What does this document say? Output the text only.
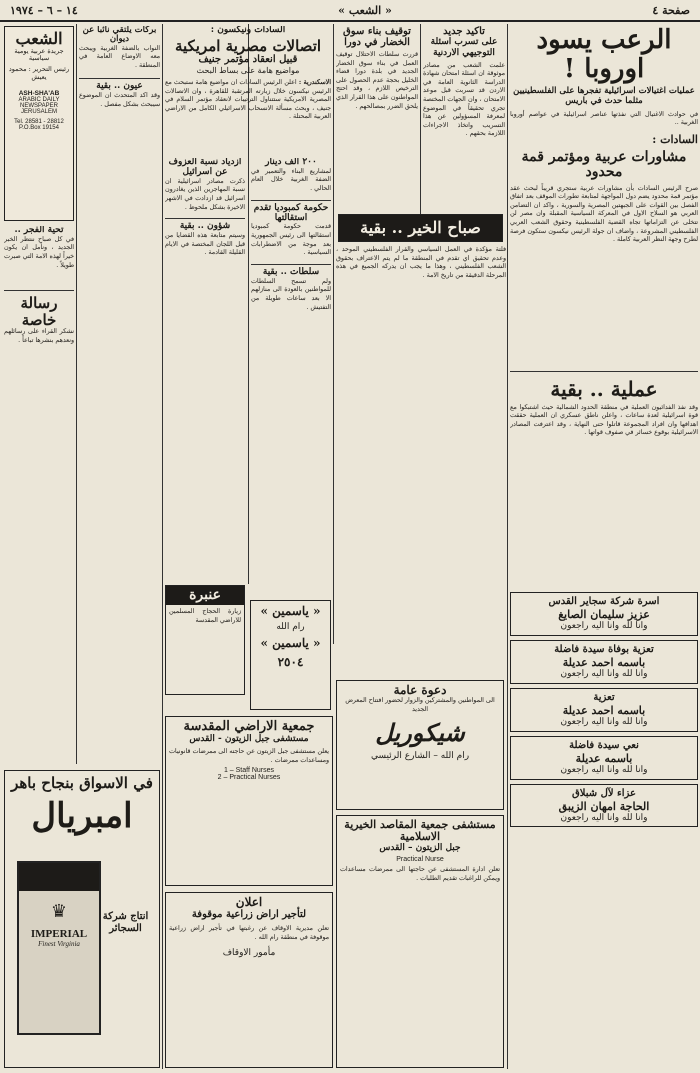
صفحة ٤
« الشعب »
١٤ – ٦ – ١٩٧٤
الرعب يسود اوروبا !
عمليات اغتيالات اسرائيلية تفجرها على الفلسطينيين مثلما حدث في باريس
في حوادث الاغتيال التي نفذتها عناصر اسرائيلية في عواصم أوروبا الغربية ..
السادات :
مشاورات عربية ومؤتمر قمة محدود
صرح الرئيس السادات بأن مشاورات عربية ستجري قريباً لبحث عقد مؤتمر قمة محدود يضم دول المواجهة لمتابعة تطورات الموقف بعد اتفاق الفصل بين القوات على الجبهتين المصرية والسورية ، واكد ان التضامن العربي هو السلاح الاول في المعركة السياسية المقبلة وان مصر لن تتخلى عن التزاماتها تجاه القضية الفلسطينية وحقوق الشعب العربي الفلسطيني المشروعة ، واضاف ان جولة الرئيس نيكسون ستكون فرصة لطرح وجهة النظر العربية كاملة .
عملية .. بقية
وقد نفذ الفدائيون العملية في منطقة الحدود الشمالية حيث اشتبكوا مع قوة اسرائيلية لعدة ساعات ، واعلن ناطق عسكري ان العملية حققت اهدافها وان افراد المجموعة قاتلوا حتى النهاية ، وقد اعترفت المصادر الاسرائيلية بوقوع خسائر في صفوف قواتها .
تأكيد جديد
على تسرب اسئلة التوجيهي الاردنية
علمت الشعب من مصادر موثوقة ان اسئلة امتحان شهادة الدراسة الثانوية العامة في الاردن قد تسربت قبل موعد الامتحان ، وان الجهات المختصة تجري تحقيقاً في الموضوع لمعرفة المسؤولين عن هذا التسريب واتخاذ الاجراءات اللازمة بحقهم .
توقيف بناء سوق الخضار في دورا
قررت سلطات الاحتلال توقيف العمل في بناء سوق الخضار الجديد في بلدة دورا قضاء الخليل بحجة عدم الحصول على الترخيص اللازم ، وقد احتج المواطنون على هذا القرار الذي يلحق الضرر بمصالحهم .
صباح الخير .. بقية
فلتة مؤكدة في العمل السياسي والقرار الفلسطيني الموحد ، وعدم تحقيق اي تقدم في المنطقة ما لم يتم الاعتراف بحقوق الشعب الفلسطيني ، وهذا ما يجب ان يدركه الجميع في هذه المرحلة الدقيقة من تاريخ الامة .
السادات ونيكسون :
اتصالات مصرية امريكية
قبيل انعقاد مؤتمر جنيف
مواضيع هامة على بساط البحث
الاسكندرية : اعلن الرئيس السادات ان مواضيع هامة ستبحث مع الرئيس نيكسون خلال زيارته المرتقبة للقاهرة ، وان الاتصالات المصرية الامريكية ستتناول الترتيبات لانعقاد مؤتمر السلام في جنيف ، وبحث مسألة الانسحاب الاسرائيلي الكامل من الاراضي العربية المحتلة .
٢٠٠ الف دينار
لمشاريع البناء والتعمير في الضفة الغربية خلال العام الحالي .
حكومة كمبوديا تقدم استقالتها
قدمت حكومة كمبوديا استقالتها الى رئيس الجمهورية بعد موجة من الاضطرابات السياسية .
سلطات .. بقية
ولم تسمح السلطات للمواطنين بالعودة الى منازلهم الا بعد ساعات طويلة من التفتيش .
ازدياد نسبة العزوف عن اسرائيل
ذكرت مصادر اسرائيلية ان نسبة المهاجرين الذين يغادرون اسرائيل قد ازدادت في الاشهر الاخيرة بشكل ملحوظ .
شؤون .. بقية
وسيتم متابعة هذه القضايا من قبل اللجان المختصة في الايام القليلة القادمة .
الشعب
جريدة عربية يومية سياسية
رئيس التحرير : محمود يعيش
ASH-SHA'AB
ARABIC DAILY NEWSPAPER
JERUSALEM
Tel. 28581 - 28812
P.O.Box 19154
بركات يلتقي نائباً عن ديوان
النواب بالضفة الغربية ويبحث معه الاوضاع العامة في المنطقة .
عيون .. بقية
وقد اكد المتحدث ان الموضوع سيبحث بشكل مفصل .
تحية الفجر ..
في كل صباح ننتظر الخبر الجديد ، ونأمل ان يكون خيراً لهذه الامة التي صبرت طويلاً .
رسالة خاصة
نشكر القراء على رسائلهم ونعدهم بنشرها تباعاً .
عنبرة
زيارة الحجاج المسلمين للاراضي المقدسة
« ياسمين »
رام الله
« ياسمين »
٢٥٠٤
جمعية الاراضي المقدسة
مستشفى جبل الزيتون - القدس
يعلن مستشفى جبل الزيتون عن حاجته الى ممرضات قانونيات ومساعدات ممرضات .
1 – Staff Nurses
2 – Practical Nurses
اعلان
لتأجير اراض زراعية موقوفة
تعلن مديرية الاوقاف عن رغبتها في تأجير اراض زراعية موقوفة في منطقة رام الله .
مأمور الاوقاف
دعوة عامة
الى المواطنين والمشتركين والزوار لحضور افتتاح المعرض الجديد
شيكوريل
رام الله – الشارع الرئيسي
مستشفى جمعية المقاصد الخيرية الاسلامية
جبل الزيتون – القدس
Practical Nurse
تعلن ادارة المستشفى عن حاجتها الى ممرضات مساعدات ويمكن للراغبات تقديم الطلبات .
في الاسواق بنجاح باهر
امبريال
♛
IMPERIAL
Finest Virginia
انتاج شركة السجائر
اسرة شركة سجاير القدس
عزيز سليمان الصايغ
وانا لله وانا اليه راجعون
تعزية بوفاة سيدة فاضلة
باسمه احمد عديلة
وانا لله وانا اليه راجعون
تعزية
باسمه احمد عديلة
وانا لله وانا اليه راجعون
نعي سيدة فاضلة
باسمه عديلة
وانا لله وانا اليه راجعون
عزاء لآل شبلاق
الحاجة امهان الزيبق
وانا لله وانا اليه راجعون
